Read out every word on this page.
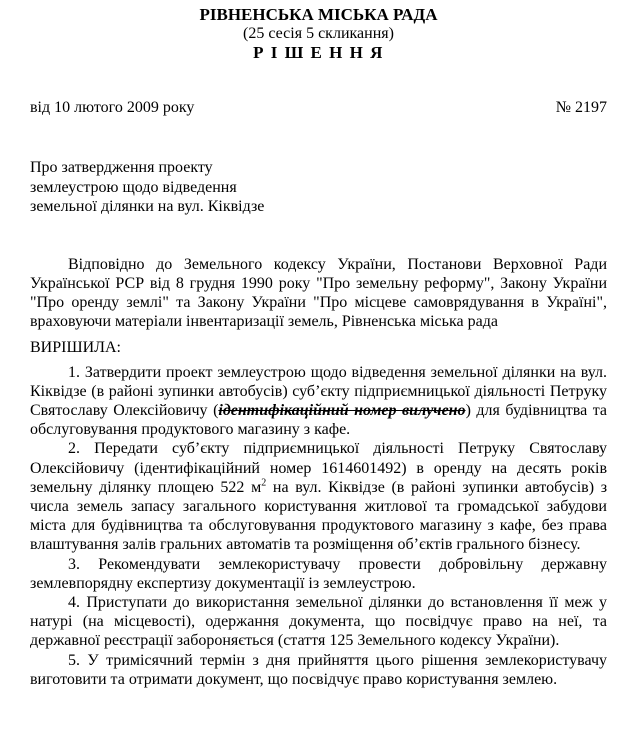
РІВНЕНСЬКА МІСЬКА РАДА
(25 сесія 5 скликання)
Р І Ш Е Н Н Я
від 10 лютого 2009 року	№ 2197
Про затвердження проекту
землеустрою щодо відведення
земельної ділянки на вул. Кіквідзе

Відповідно до Земельного кодексу України, Постанови Верховної Ради Української РСР від 8 грудня 1990 року "Про земельну реформу", Закону України "Про оренду землі" та Закону України "Про місцеве самоврядування в Україні", враховуючи матеріали інвентаризації земель, Рівненська міська рада

ВИРІШИЛА:

1. Затвердити проект землеустрою щодо відведення земельної ділянки на вул. Кіквідзе (в районі зупинки автобусів) суб’єкту підприємницької діяльності Петруку Святославу Олексійовичу (ідентифікаційний номер вилучено) для будівництва та обслуговування продуктового магазину з кафе.

2. Передати суб’єкту підприємницької діяльності Петруку Святославу Олексійовичу (ідентифікаційний номер 1614601492) в оренду на десять років земельну ділянку площею 522 $м^2$ на вул. Кіквідзе (в районі зупинки автобусів) з числа земель запасу загального користування житлової та громадської забудови міста для будівництва та обслуговування продуктового магазину з кафе, без права влаштування залів гральних автоматів та розміщення об’єктів грального бізнесу.

3. Рекомендувати землекористувачу провести добровільну державну землевпорядну експертизу документації із землеустрою.

4. Приступати до використання земельної ділянки до встановлення її меж у натурі (на місцевості), одержання документа, що посвідчує право на неї, та державної реєстрації забороняється (стаття 125 Земельного кодексу України).

5. У тримісячний термін з дня прийняття цього рішення землекористувачу виготовити та отримати документ, що посвідчує право користування землею.
